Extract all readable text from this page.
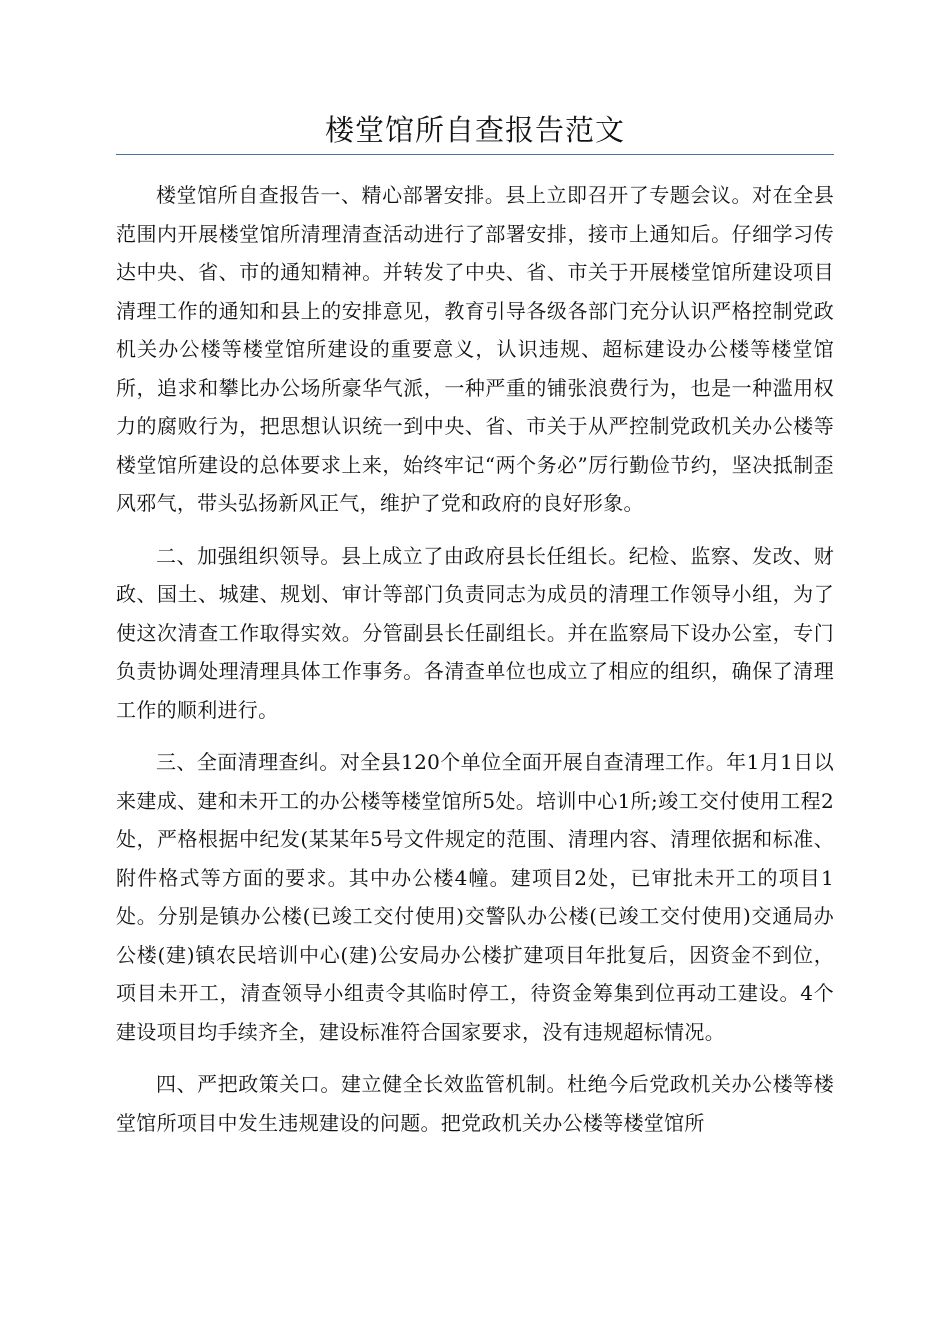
楼堂馆所自查报告范文

楼堂馆所自查报告一、精心部署安排。县上立即召开了专题会议。对在全县范围内开展楼堂馆所清理清查活动进行了部署安排，接市上通知后。仔细学习传达中央、省、市的通知精神。并转发了中央、省、市关于开展楼堂馆所建设项目清理工作的通知和县上的安排意见，教育引导各级各部门充分认识严格控制党政机关办公楼等楼堂馆所建设的重要意义，认识违规、超标建设办公楼等楼堂馆所，追求和攀比办公场所豪华气派，一种严重的铺张浪费行为，也是一种滥用权力的腐败行为，把思想认识统一到中央、省、市关于从严控制党政机关办公楼等楼堂馆所建设的总体要求上来，始终牢记“两个务必”厉行勤俭节约，坚决抵制歪风邪气，带头弘扬新风正气，维护了党和政府的良好形象。

二、加强组织领导。县上成立了由政府县长任组长。纪检、监察、发改、财政、国土、城建、规划、审计等部门负责同志为成员的清理工作领导小组，为了使这次清查工作取得实效。分管副县长任副组长。并在监察局下设办公室，专门负责协调处理清理具体工作事务。各清查单位也成立了相应的组织，确保了清理工作的顺利进行。

三、全面清理查纠。对全县120个单位全面开展自查清理工作。年1月1日以来建成、建和未开工的办公楼等楼堂馆所5处。培训中心1所;竣工交付使用工程2处，严格根据中纪发(某某年5号文件规定的范围、清理内容、清理依据和标准、附件格式等方面的要求。其中办公楼4幢。建项目2处，已审批未开工的项目1处。分别是镇办公楼(已竣工交付使用)交警队办公楼(已竣工交付使用)交通局办公楼(建)镇农民培训中心(建)公安局办公楼扩建项目年批复后，因资金不到位，项目未开工，清查领导小组责令其临时停工，待资金筹集到位再动工建设。4个建设项目均手续齐全，建设标准符合国家要求，没有违规超标情况。

四、严把政策关口。建立健全长效监管机制。杜绝今后党政机关办公楼等楼堂馆所项目中发生违规建设的问题。把党政机关办公楼等楼堂馆所
